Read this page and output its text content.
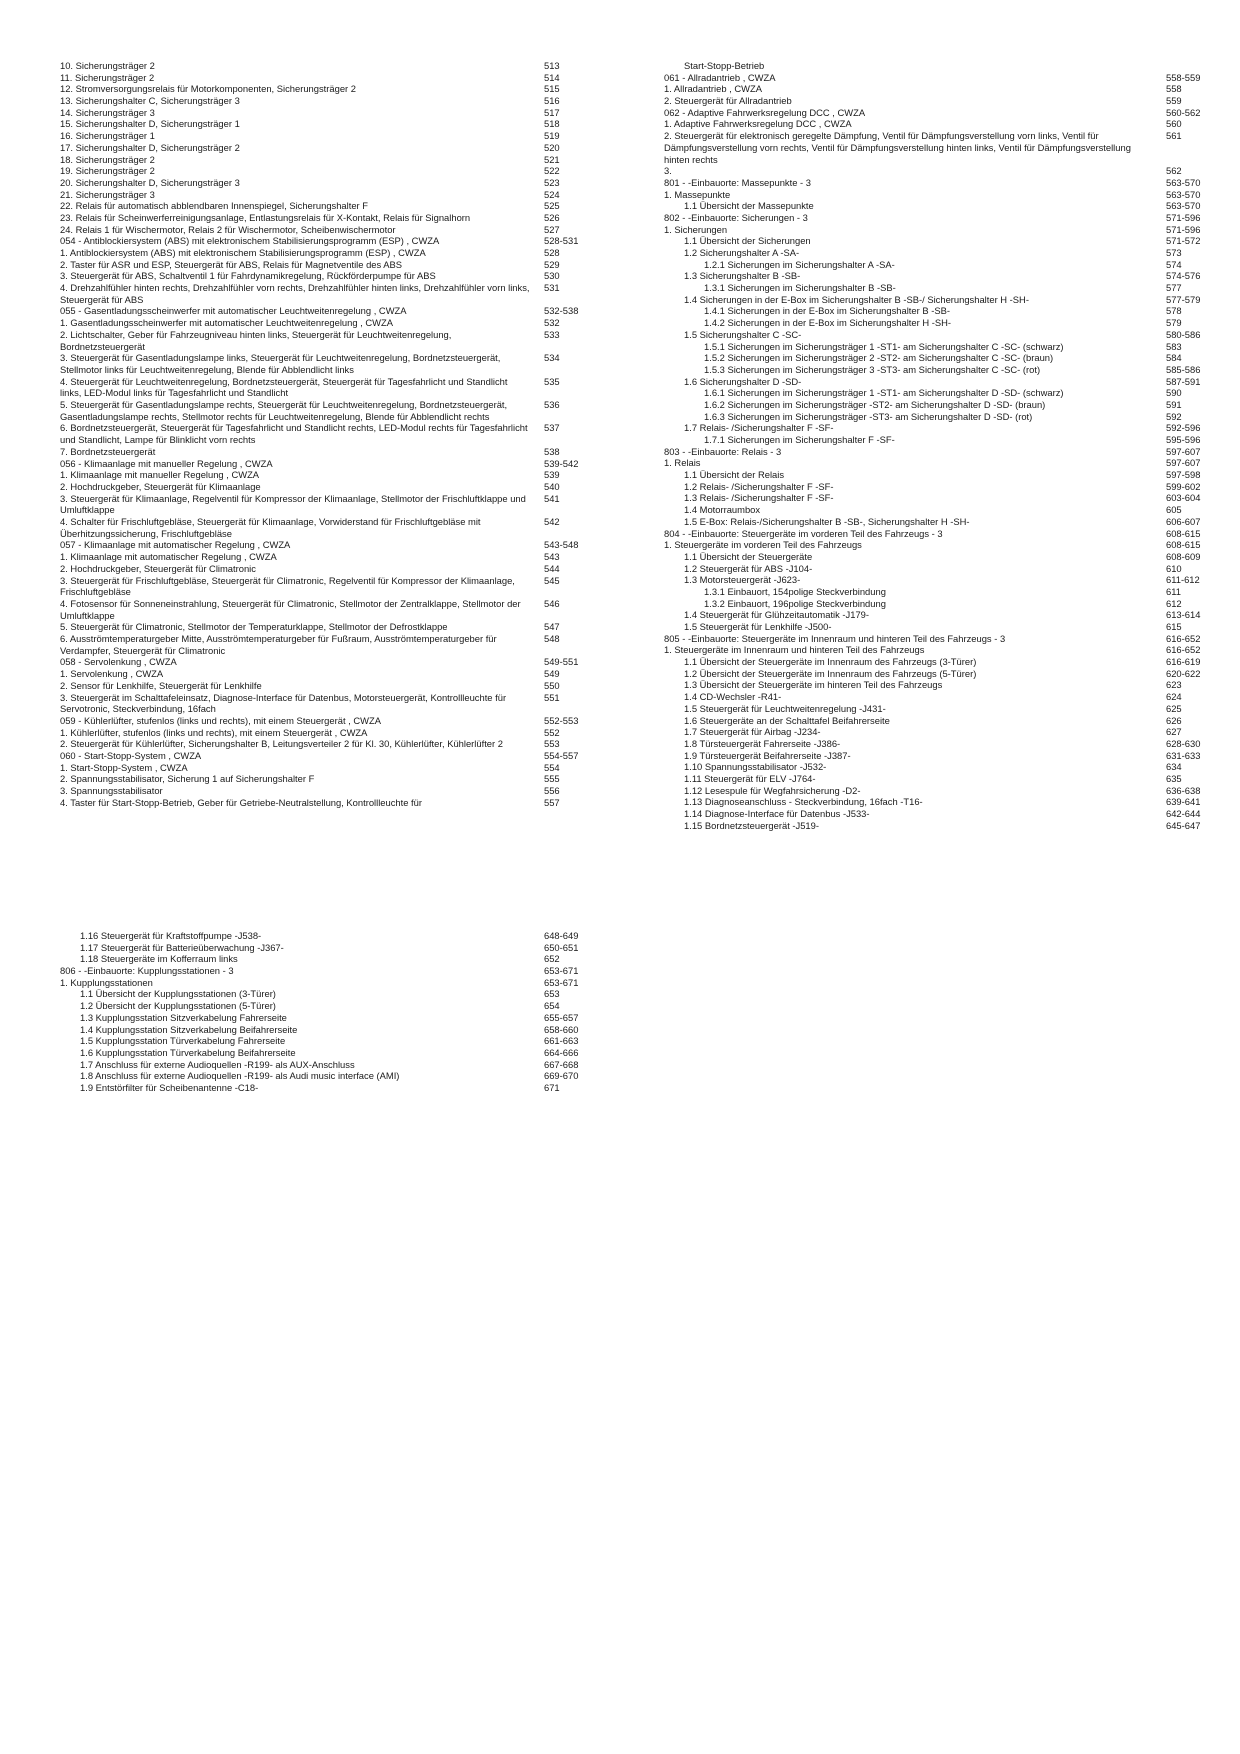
10. Sicherungsträger 2	513
11. Sicherungsträger 2	514
12. Stromversorgungsrelais für Motorkomponenten, Sicherungsträger 2	515
13. Sicherungshalter C, Sicherungsträger 3	516
14. Sicherungsträger 3	517
15. Sicherungshalter D, Sicherungsträger 1	518
16. Sicherungsträger 1	519
17. Sicherungshalter D, Sicherungsträger 2	520
18. Sicherungsträger 2	521
19. Sicherungsträger 2	522
20. Sicherungshalter D, Sicherungsträger 3	523
21. Sicherungsträger 3	524
22. Relais für automatisch abblendbaren Innenspiegel, Sicherungshalter F	525
23. Relais für Scheinwerferreinigungsanlage, Entlastungsrelais für X-Kontakt, Relais für Signalhorn	526
24. Relais 1 für Wischermotor, Relais 2 für Wischermotor, Scheibenwischermotor	527
054 - Antiblockiersystem (ABS) mit elektronischem Stabilisierungsprogramm (ESP) , CWZA	528-531
1. Antiblockiersystem (ABS) mit elektronischem Stabilisierungsprogramm (ESP) , CWZA	528
2. Taster für ASR und ESP, Steuergerät für ABS, Relais für Magnetventile des ABS	529
3. Steuergerät für ABS, Schaltventil 1 für Fahrdynamikregelung, Rückförderpumpe für ABS	530
4. Drehzahlfühler hinten rechts, Drehzahlfühler vorn rechts, Drehzahlfühler hinten links, Drehzahlfühler vorn links, Steuergerät für ABS
531
055 - Gasentladungsscheinwerfer mit automatischer Leuchtweitenregelung , CWZA	532-538
1. Gasentladungsscheinwerfer mit automatischer Leuchtweitenregelung , CWZA	532
2. Lichtschalter, Geber für Fahrzeugniveau hinten links, Steuergerät für Leuchtweitenregelung, Bordnetzsteuergerät
533
3. Steuergerät für Gasentladungslampe links, Steuergerät für Leuchtweitenregelung, Bordnetzsteuergerät, Stellmotor links für Leuchtweitenregelung, Blende für Abblendlicht links
534
4. Steuergerät für Leuchtweitenregelung, Bordnetzsteuergerät, Steuergerät für Tagesfahrlicht und Standlicht links, LED-Modul links für Tagesfahrlicht und Standlicht
535
5. Steuergerät für Gasentladungslampe rechts, Steuergerät für Leuchtweitenregelung, Bordnetzsteuergerät, Gasentladungslampe rechts, Stellmotor rechts für Leuchtweitenregelung, Blende für Abblendlicht rechts
536
6. Bordnetzsteuergerät, Steuergerät für Tagesfahrlicht und Standlicht rechts, LED-Modul rechts für Tagesfahrlicht und Standlicht, Lampe für Blinklicht vorn rechts
537
7. Bordnetzsteuergerät	538
056 - Klimaanlage mit manueller Regelung , CWZA	539-542
1. Klimaanlage mit manueller Regelung , CWZA	539
2. Hochdruckgeber, Steuergerät für Klimaanlage	540
3. Steuergerät für Klimaanlage, Regelventil für Kompressor der Klimaanlage, Stellmotor der Frischluftklappe und Umluftklappe
541
4. Schalter für Frischluftgebläse, Steuergerät für Klimaanlage, Vorwiderstand für Frischluftgebläse mit Überhitzungssicherung, Frischluftgebläse
542
057 - Klimaanlage mit automatischer Regelung , CWZA	543-548
1. Klimaanlage mit automatischer Regelung , CWZA	543
2. Hochdruckgeber, Steuergerät für Climatronic	544
3. Steuergerät für Frischluftgebläse, Steuergerät für Climatronic, Regelventil für Kompressor der Klimaanlage, Frischluftgebläse
545
4. Fotosensor für Sonneneinstrahlung, Steuergerät für Climatronic, Stellmotor der Zentralklappe, Stellmotor der Umluftklappe
546
5. Steuergerät für Climatronic, Stellmotor der Temperaturklappe, Stellmotor der Defrostklappe	547
6. Ausströmtemperaturgeber Mitte, Ausströmtemperaturgeber für Fußraum, Ausströmtemperaturgeber für Verdampfer, Steuergerät für Climatronic
548
058 - Servolenkung , CWZA	549-551
1. Servolenkung , CWZA	549
2. Sensor für Lenkhilfe, Steuergerät für Lenkhilfe	550
3. Steuergerät im Schalttafeleinsatz, Diagnose-Interface für Datenbus, Motorsteuergerät, Kontrollleuchte für Servotronic, Steckverbindung, 16fach
551
059 - Kühlerlüfter, stufenlos (links und rechts), mit einem Steuergerät , CWZA	552-553
1. Kühlerlüfter, stufenlos (links und rechts), mit einem Steuergerät , CWZA	552
2. Steuergerät für Kühlerlüfter, Sicherungshalter B, Leitungsverteiler 2 für Kl. 30, Kühlerlüfter, Kühlerlüfter 2	553
060 - Start-Stopp-System , CWZA	554-557
1. Start-Stopp-System , CWZA	554
2. Spannungsstabilisator, Sicherung 1 auf Sicherungshalter F	555
3. Spannungsstabilisator	556
4. Taster für Start-Stopp-Betrieb, Geber für Getriebe-Neutralstellung, Kontrollleuchte für	557
Start-Stopp-Betrieb
061 - Allradantrieb , CWZA	558-559
1. Allradantrieb , CWZA	558
2. Steuergerät für Allradantrieb	559
062 - Adaptive Fahrwerksregelung DCC , CWZA	560-562
1. Adaptive Fahrwerksregelung DCC , CWZA	560
2. Steuergerät für elektronisch geregelte Dämpfung, Ventil für Dämpfungsverstellung vorn links, Ventil für Dämpfungsverstellung vorn rechts, Ventil für Dämpfungsverstellung hinten links, Ventil für Dämpfungsverstellung hinten rechts
561
3.	562
801 - -Einbauorte: Massepunkte - 3	563-570
1. Massepunkte	563-570
1.1 Übersicht der Massepunkte	563-570
802 - -Einbauorte: Sicherungen - 3	571-596
1. Sicherungen	571-596
1.1 Übersicht der Sicherungen	571-572
1.2 Sicherungshalter A -SA-	573
1.2.1 Sicherungen im Sicherungshalter A -SA-	574
1.3 Sicherungshalter B -SB-	574-576
1.3.1 Sicherungen im Sicherungshalter B -SB-	577
1.4 Sicherungen in der E-Box im Sicherungshalter B -SB-/ Sicherungshalter H -SH-	577-579
1.4.1 Sicherungen in der E-Box im Sicherungshalter B -SB-	578
1.4.2 Sicherungen in der E-Box im Sicherungshalter H -SH-	579
1.5 Sicherungshalter C -SC-	580-586
1.5.1 Sicherungen im Sicherungsträger 1 -ST1- am Sicherungshalter C -SC- (schwarz)	583
1.5.2 Sicherungen im Sicherungsträger 2 -ST2- am Sicherungshalter C -SC- (braun)	584
1.5.3 Sicherungen im Sicherungsträger 3 -ST3- am Sicherungshalter C -SC- (rot)	585-586
1.6 Sicherungshalter D -SD-	587-591
1.6.1 Sicherungen im Sicherungsträger 1 -ST1- am Sicherungshalter D -SD- (schwarz)	590
1.6.2 Sicherungen im Sicherungsträger -ST2- am Sicherungshalter D -SD- (braun)	591
1.6.3 Sicherungen im Sicherungsträger -ST3- am Sicherungshalter D -SD- (rot)	592
1.7 Relais- /Sicherungshalter F -SF-	592-596
1.7.1 Sicherungen im Sicherungshalter F -SF-	595-596
803 - -Einbauorte: Relais - 3	597-607
1. Relais	597-607
1.1 Übersicht der Relais	597-598
1.2 Relais- /Sicherungshalter F -SF-	599-602
1.3 Relais- /Sicherungshalter F -SF-	603-604
1.4 Motorraumbox	605
1.5 E-Box: Relais-/Sicherungshalter B -SB-, Sicherungshalter H -SH-	606-607
804 - -Einbauorte: Steuergeräte im vorderen Teil des Fahrzeugs - 3	608-615
1. Steuergeräte im vorderen Teil des Fahrzeugs	608-615
1.1 Übersicht der Steuergeräte	608-609
1.2 Steuergerät für ABS -J104-	610
1.3 Motorsteuergerät -J623-	611-612
1.3.1 Einbauort, 154polige Steckverbindung	611
1.3.2 Einbauort, 196polige Steckverbindung	612
1.4 Steuergerät für Glühzeitautomatik -J179-	613-614
1.5 Steuergerät für Lenkhilfe -J500-	615
805 - -Einbauorte: Steuergeräte im Innenraum und hinteren Teil des Fahrzeugs - 3	616-652
1. Steuergeräte im Innenraum und hinteren Teil des Fahrzeugs	616-652
1.1 Übersicht der Steuergeräte im Innenraum des Fahrzeugs (3-Türer)	616-619
1.2 Übersicht der Steuergeräte im Innenraum des Fahrzeugs (5-Türer)	620-622
1.3 Übersicht der Steuergeräte im hinteren Teil des Fahrzeugs	623
1.4 CD-Wechsler -R41-	624
1.5 Steuergerät für Leuchtweitenregelung -J431-	625
1.6 Steuergeräte an der Schalttafel Beifahrerseite	626
1.7 Steuergerät für Airbag -J234-	627
1.8 Türsteuergerät Fahrerseite -J386-	628-630
1.9 Türsteuergerät Beifahrerseite -J387-	631-633
1.10 Spannungsstabilisator -J532-	634
1.11 Steuergerät für ELV -J764-	635
1.12 Lesespule für Wegfahrsicherung -D2-	636-638
1.13 Diagnoseanschluss - Steckverbindung, 16fach -T16-	639-641
1.14 Diagnose-Interface für Datenbus -J533-	642-644
1.15 Bordnetzsteuergerät -J519-	645-647
1.16 Steuergerät für Kraftstoffpumpe -J538-	648-649
1.17 Steuergerät für Batterieüberwachung -J367-	650-651
1.18 Steuergeräte im Kofferraum links	652
806 - -Einbauorte: Kupplungsstationen - 3	653-671
1. Kupplungsstationen	653-671
1.1 Übersicht der Kupplungsstationen (3-Türer)	653
1.2 Übersicht der Kupplungsstationen (5-Türer)	654
1.3 Kupplungsstation Sitzverkabelung Fahrerseite	655-657
1.4 Kupplungsstation Sitzverkabelung Beifahrerseite	658-660
1.5 Kupplungsstation Türverkabelung Fahrerseite	661-663
1.6 Kupplungsstation Türverkabelung Beifahrerseite	664-666
1.7 Anschluss für externe Audioquellen -R199- als AUX-Anschluss	667-668
1.8 Anschluss für externe Audioquellen -R199- als Audi music interface (AMI)	669-670
1.9 Entstörfilter für Scheibenantenne -C18-	671
